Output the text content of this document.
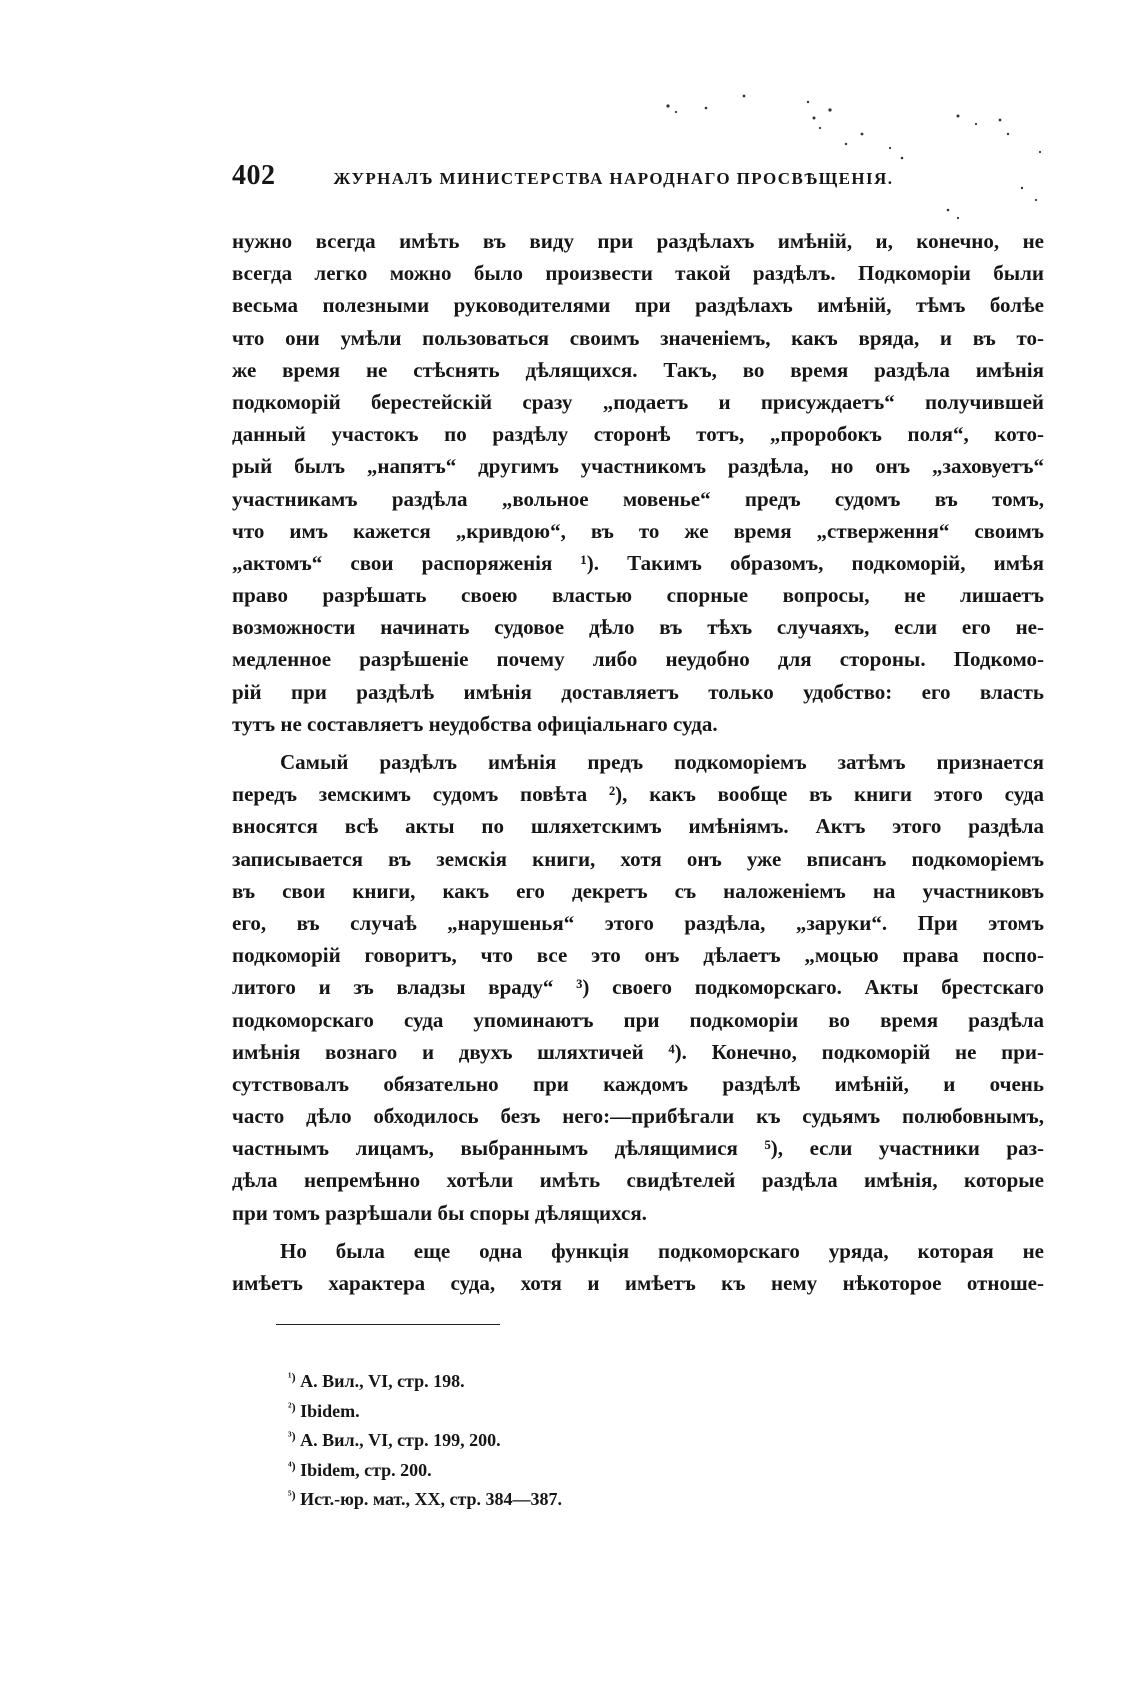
402	ЖУРНАЛЪ МИНИСТЕРСТВА НАРОДНАГО ПРОСВѢЩЕНІЯ.
нужно всегда имѣть въ виду при раздѣлахъ имѣній, и, конечно, не
всегда легко можно было произвести такой раздѣлъ. Подкоморіи были
весьма полезными руководителями при раздѣлахъ имѣній, тѣмъ болѣе
что они умѣли пользоваться своимъ значеніемъ, какъ вряда, и въ то-
же время не стѣснять дѣлящихся. Такъ, во время раздѣла имѣнія
подкоморій берестейскій сразу „подаетъ и присуждаетъ“ получившей
данный участокъ по раздѣлу сторонѣ тотъ, „проробокъ поля“, кото-
рый былъ „напятъ“ другимъ участникомъ раздѣла, но онъ „заховуетъ“
участникамъ раздѣла „вольное мовенье“ предъ судомъ въ томъ,
что имъ кажется „кривдою“, въ то же время „стверження“ своимъ
„актомъ“ свои распоряженія ¹). Такимъ образомъ, подкоморій, имѣя
право разрѣшать своею властью спорные вопросы, не лишаетъ
возможности начинать судовое дѣло въ тѣхъ случаяхъ, если его не-
медленное разрѣшеніе почему либо неудобно для стороны. Подкомо-
рій при раздѣлѣ имѣнія доставляетъ только удобство: его власть
тутъ не составляетъ неудобства офиціальнаго суда.
Самый раздѣлъ имѣнія предъ подкоморіемъ затѣмъ признается
передъ земскимъ судомъ повѣта ²), какъ вообще въ книги этого суда
вносятся всѣ акты по шляхетскимъ имѣніямъ. Актъ этого раздѣла
записывается въ земскія книги, хотя онъ уже вписанъ подкоморіемъ
въ свои книги, какъ его декретъ съ наложеніемъ на участниковъ
его, въ случаѣ „нарушенья“ этого раздѣла, „заруки“. При этомъ
подкоморій говоритъ, что все это онъ дѣлаетъ „моцью права поспо-
литого и зъ владзы враду“ ³) своего подкоморскаго. Акты брестскаго
подкоморскаго суда упоминаютъ при подкоморіи во время раздѣла
имѣнія вознаго и двухъ шляхтичей ⁴). Конечно, подкоморій не при-
сутствовалъ обязательно при каждомъ раздѣлѣ имѣній, и очень
часто дѣло обходилось безъ него:—прибѣгали къ судьямъ полюбовнымъ,
частнымъ лицамъ, выбраннымъ дѣлящимися ⁵), если участники раз-
дѣла непремѣнно хотѣли имѣть свидѣтелей раздѣла имѣнія, которые
при томъ разрѣшали бы споры дѣлящихся.
Но была еще одна функція подкоморскаго уряда, которая не
имѣетъ характера суда, хотя и имѣетъ къ нему нѣкоторое отноше-
$^{^1)}$ А. Вил., VI, стр. 198.
$^{^2)}$ Ibidem.
$^{^3)}$ А. Вил., VI, стр. 199, 200.
$^{^4)}$ Ibidem, стр. 200.
$^{^5)}$ Ист.-юр. мат., XX, стр. 384—387.
